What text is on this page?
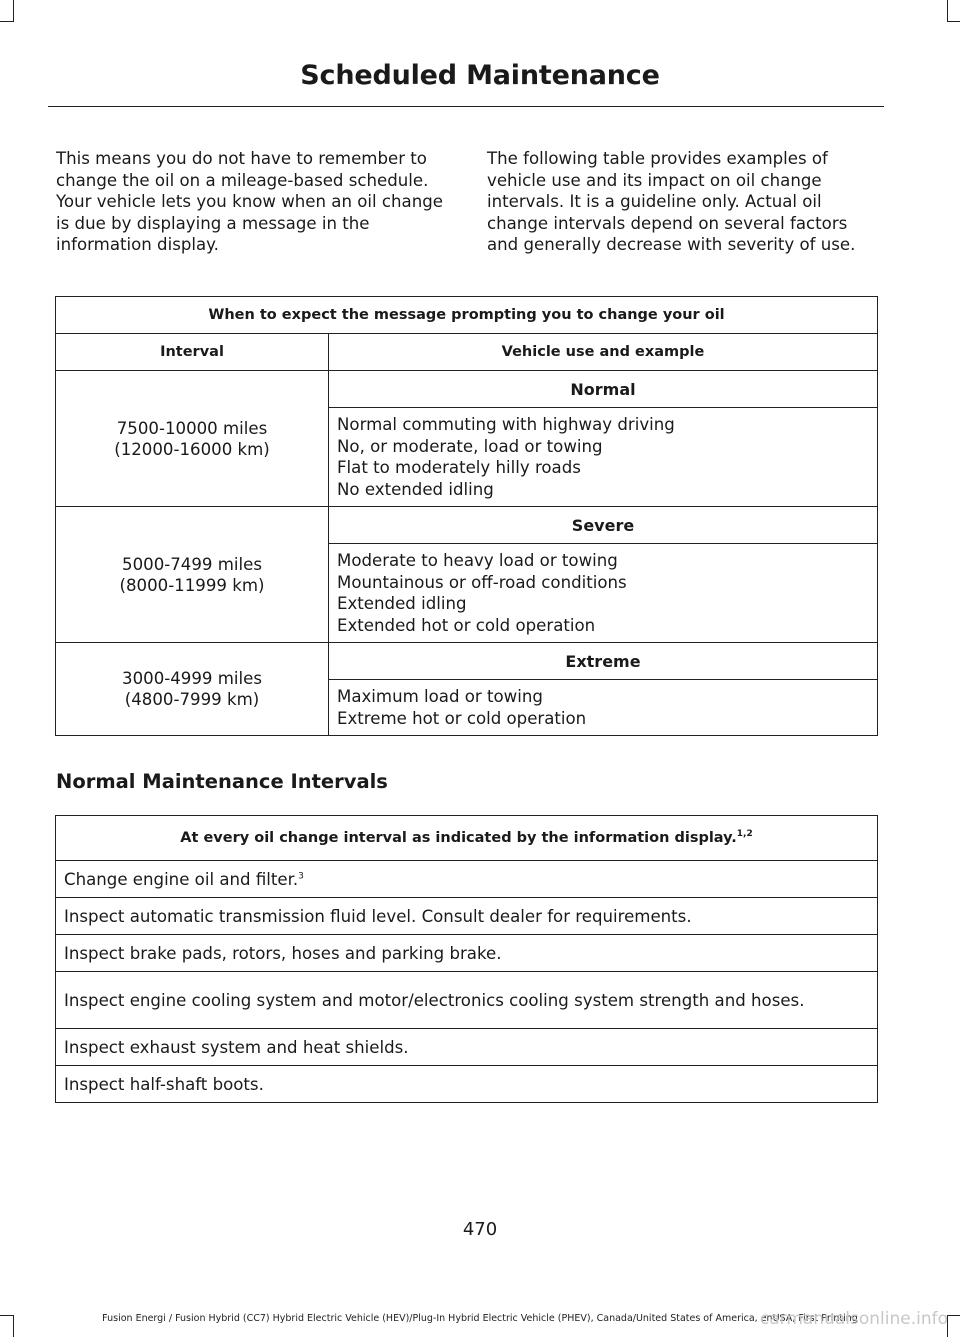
Scheduled Maintenance
This means you do not have to remember to change the oil on a mileage-based schedule. Your vehicle lets you know when an oil change is due by displaying a message in the information display.
The following table provides examples of vehicle use and its impact on oil change intervals. It is a guideline only. Actual oil change intervals depend on several factors and generally decrease with severity of use.
When to expect the message prompting you to change your oil	
Interval	Vehicle use and example

7500-10000 miles
(12000-16000 km)	Normal

	Normal commuting with highway driving
No, or moderate, load or towing
Flat to moderately hilly roads
No extended idling

5000-7499 miles
(8000-11999 km)	Severe

	Moderate to heavy load or towing
Mountainous or off-road conditions
Extended idling
Extended hot or cold operation

3000-4999 miles
(4800-7999 km)	Extreme

	Maximum load or towing
Extreme hot or cold operation
Normal Maintenance Intervals
At every oil change interval as indicated by the information display.$^{1,2}$
Change engine oil and filter.$^3$
Inspect automatic transmission fluid level. Consult dealer for requirements.
Inspect brake pads, rotors, hoses and parking brake.
Inspect engine cooling system and motor/electronics cooling system strength and hoses.
Inspect exhaust system and heat shields.
Inspect half-shaft boots.
470
Fusion Energi / Fusion Hybrid (CC7) Hybrid Electric Vehicle (HEV)/Plug-In Hybrid Electric Vehicle (PHEV), Canada/United States of America, enUSA, First Printing
carmanualsonline.info
